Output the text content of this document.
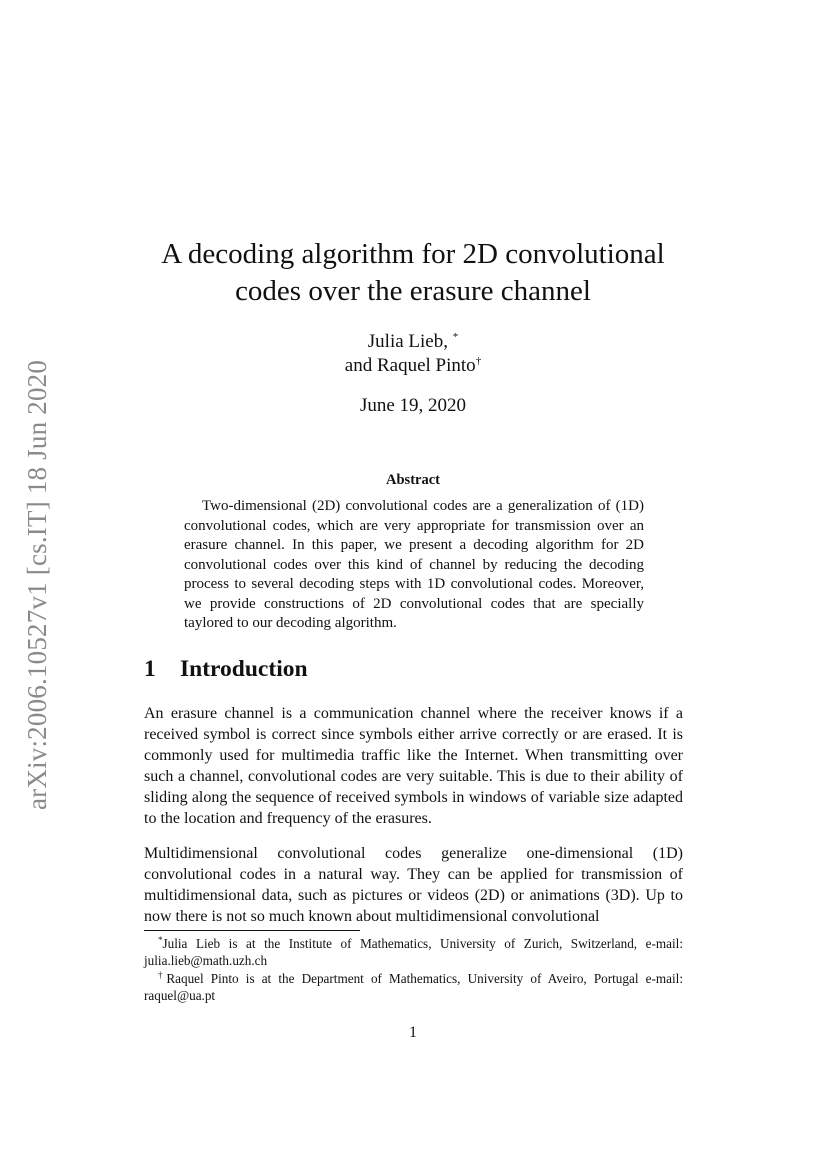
arXiv:2006.10527v1 [cs.IT] 18 Jun 2020
A decoding algorithm for 2D convolutional
codes over the erasure channel
Julia Lieb, *
and Raquel Pinto†
June 19, 2020
Abstract

Two-dimensional (2D) convolutional codes are a generalization of (1D) convolutional codes, which are very appropriate for transmission over an erasure channel. In this paper, we present a decoding algorithm for 2D convolutional codes over this kind of channel by reducing the decoding process to several decoding steps with 1D convolutional codes. Moreover, we provide constructions of 2D convolutional codes that are specially taylored to our decoding algorithm.

1 Introduction

An erasure channel is a communication channel where the receiver knows if a received symbol is correct since symbols either arrive correctly or are erased. It is commonly used for multimedia traffic like the Internet. When transmitting over such a channel, convolutional codes are very suitable. This is due to their ability of sliding along the sequence of received symbols in windows of variable size adapted to the location and frequency of the erasures.

Multidimensional convolutional codes generalize one-dimensional (1D) convolutional codes in a natural way. They can be applied for transmission of multidimensional data, such as pictures or videos (2D) or animations (3D). Up to now there is not so much known about multidimensional convolutional

*Julia Lieb is at the Institute of Mathematics, University of Zurich, Switzerland, e-mail: julia.lieb@math.uzh.ch

†Raquel Pinto is at the Department of Mathematics, University of Aveiro, Portugal e-mail: raquel@ua.pt

1
